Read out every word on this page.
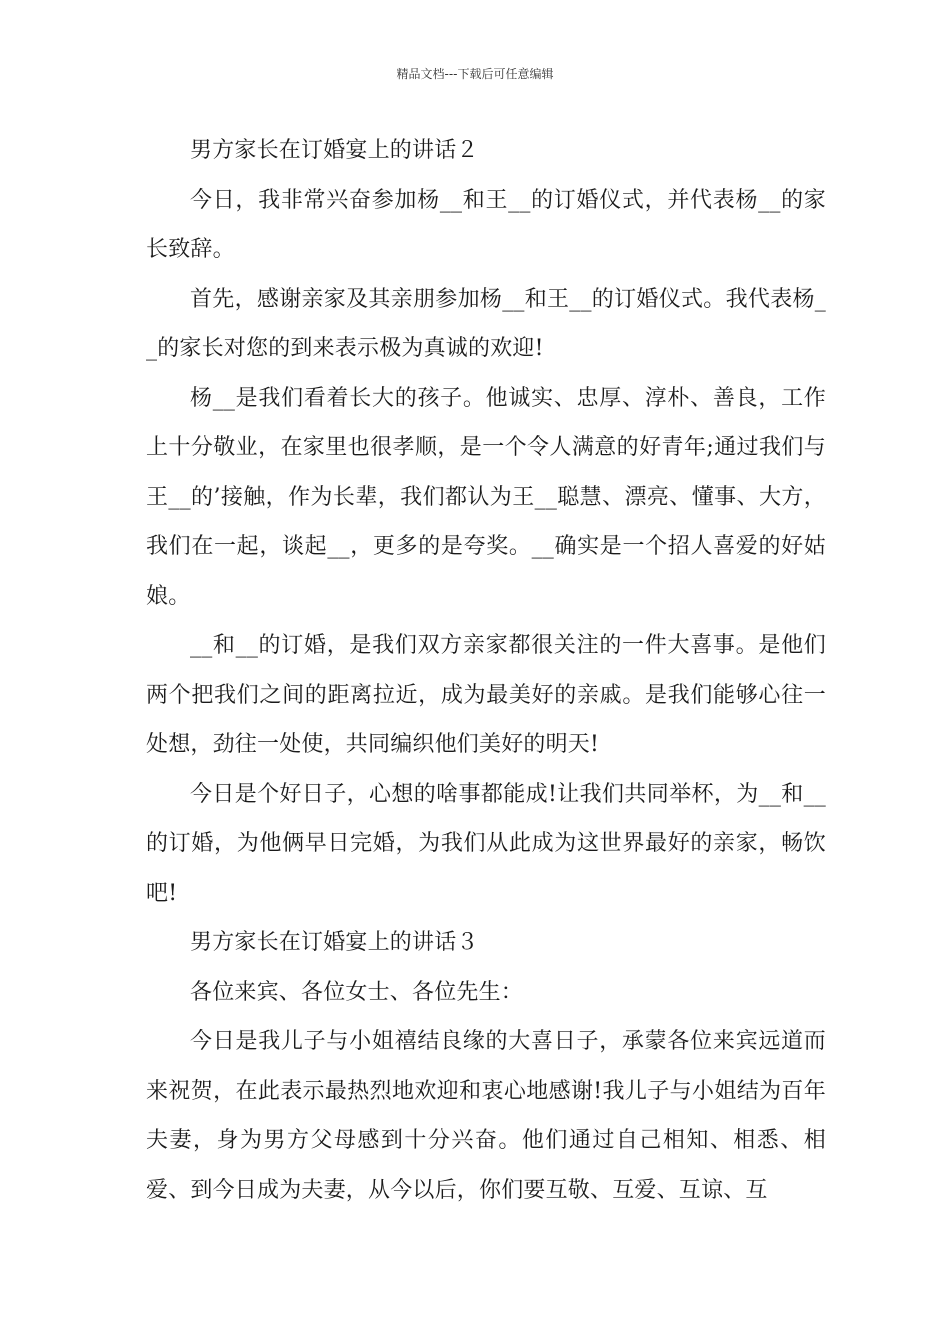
精品文档---下载后可任意编辑

男方家长在订婚宴上的讲话２

今日，我非常兴奋参加杨__和王__的订婚仪式，并代表杨__的家长致辞。

首先，感谢亲家及其亲朋参加杨__和王__的订婚仪式。我代表杨__的家长对您的到来表示极为真诚的欢迎!

杨__是我们看着长大的孩子。他诚实、忠厚、淳朴、善良，工作上十分敬业，在家里也很孝顺，是一个令人满意的好青年;通过我们与王__的’接触，作为长辈，我们都认为王__聪慧、漂亮、懂事、大方，我们在一起，谈起__，更多的是夸奖。__确实是一个招人喜爱的好姑娘。

__和__的订婚，是我们双方亲家都很关注的一件大喜事。是他们两个把我们之间的距离拉近，成为最美好的亲戚。是我们能够心往一处想，劲往一处使，共同编织他们美好的明天!

今日是个好日子，心想的啥事都能成!让我们共同举杯，为__和__的订婚，为他俩早日完婚，为我们从此成为这世界最好的亲家，畅饮吧!

男方家长在订婚宴上的讲话３

各位来宾、各位女士、各位先生：

今日是我儿子与小姐禧结良缘的大喜日子，承蒙各位来宾远道而来祝贺，在此表示最热烈地欢迎和衷心地感谢!我儿子与小姐结为百年夫妻，身为男方父母感到十分兴奋。他们通过自己相知、相悉、相爱、到今日成为夫妻，从今以后，你们要互敬、互爱、互谅、互
